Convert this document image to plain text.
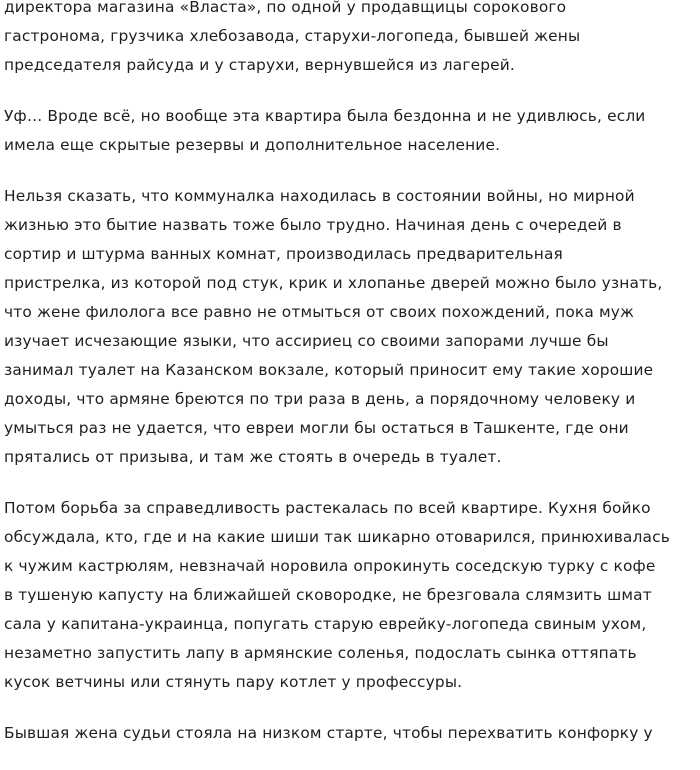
директора магазина «Власта», по одной у продавщицы сорокового
гастронома, грузчика хлебозавода, старухи-логопеда, бывшей жены
председателя райсуда и у старухи, вернувшейся из лагерей.

Уф… Вроде всё, но вообще эта квартира была бездонна и не удивлюсь, если
имела еще скрытые резервы и дополнительное население.

Нельзя сказать, что коммуналка находилась в состоянии войны, но мирной
жизнью это бытие назвать тоже было трудно. Начиная день с очередей в
сортир и штурма ванных комнат, производилась предварительная
пристрелка, из которой под стук, крик и хлопанье дверей можно было узнать,
что жене филолога все равно не отмыться от своих похождений, пока муж
изучает исчезающие языки, что ассириец со своими запорами лучше бы
занимал туалет на Казанском вокзале, который приносит ему такие хорошие
доходы, что армяне бреются по три раза в день, а порядочному человеку и
умыться раз не удается, что евреи могли бы остаться в Ташкенте, где они
прятались от призыва, и там же стоять в очередь в туалет.

Потом борьба за справедливость растекалась по всей квартире. Кухня бойко
обсуждала, кто, где и на какие шиши так шикарно отоварился, принюхивалась
к чужим кастрюлям, невзначай норовила опрокинуть соседскую турку с кофе
в тушеную капусту на ближайшей сковородке, не брезговала слямзить шмат
сала у капитана-украинца, попугать старую еврейку-логопеда свиным ухом,
незаметно запустить лапу в армянские соленья, подослать сынка оттяпать
кусок ветчины или стянуть пару котлет у профессуры.

Бывшая жена судьи стояла на низком старте, чтобы перехватить конфорку у
